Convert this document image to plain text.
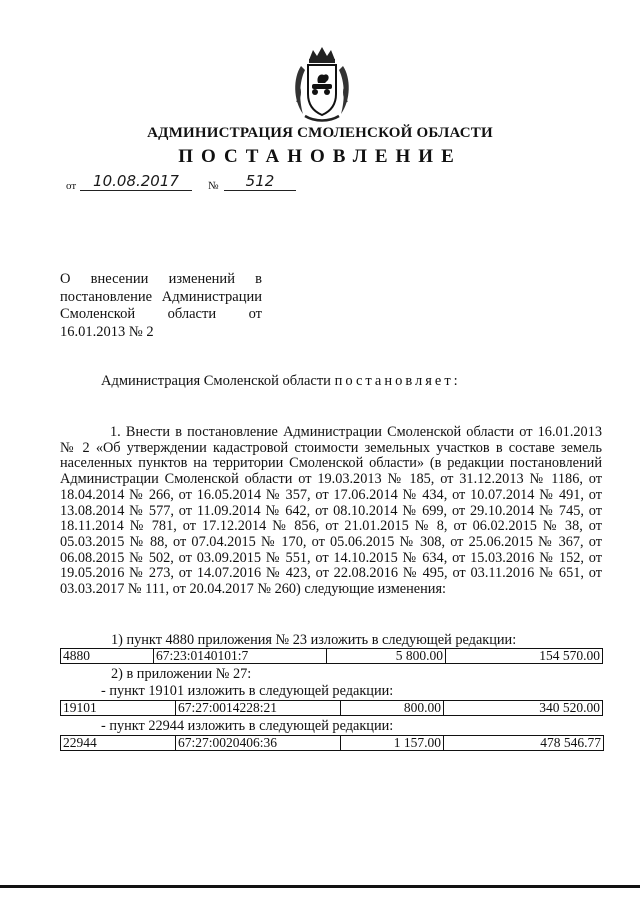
АДМИНИСТРАЦИЯ СМОЛЕНСКОЙ ОБЛАСТИ
ПОСТАНОВЛЕНИЕ
от	10.08.2017	№	512
О внесении изменений в постановление Администрации Смоленской области от 16.01.2013 № 2
Администрация Смоленской области постановляет:

1. Внести в постановление Администрации Смоленской области от 16.01.2013 № 2 «Об утверждении кадастровой стоимости земельных участков в составе земель населенных пунктов на территории Смоленской области» (в редакции постановлений Администрации Смоленской области от 19.03.2013 № 185, от 31.12.2013 № 1186, от 18.04.2014 № 266, от 16.05.2014 № 357, от 17.06.2014 № 434, от 10.07.2014 № 491, от 13.08.2014 № 577, от 11.09.2014 № 642, от 08.10.2014 № 699, от 29.10.2014 № 745, от 18.11.2014 № 781, от 17.12.2014 № 856, от 21.01.2015 № 8, от 06.02.2015 № 38, от 05.03.2015 № 88, от 07.04.2015 № 170, от 05.06.2015 № 308, от 25.06.2015 № 367, от 06.08.2015 № 502, от 03.09.2015 № 551, от 14.10.2015 № 634, от 15.03.2016 № 152, от 19.05.2016 № 273, от 14.07.2016 № 423, от 22.08.2016 № 495, от 03.11.2016 № 651, от 03.03.2017 № 111, от 20.04.2017 № 260) следующие изменения:

1) пункт 4880 приложения № 23 изложить в следующей редакции:
4880	67:23:0140101:7	5 800.00	154 570.00
2) в приложении № 27:
- пункт 19101 изложить в следующей редакции:
19101	67:27:0014228:21	800.00	340 520.00
- пункт 22944 изложить в следующей редакции:
22944	67:27:0020406:36	1 157.00	478 546.77
